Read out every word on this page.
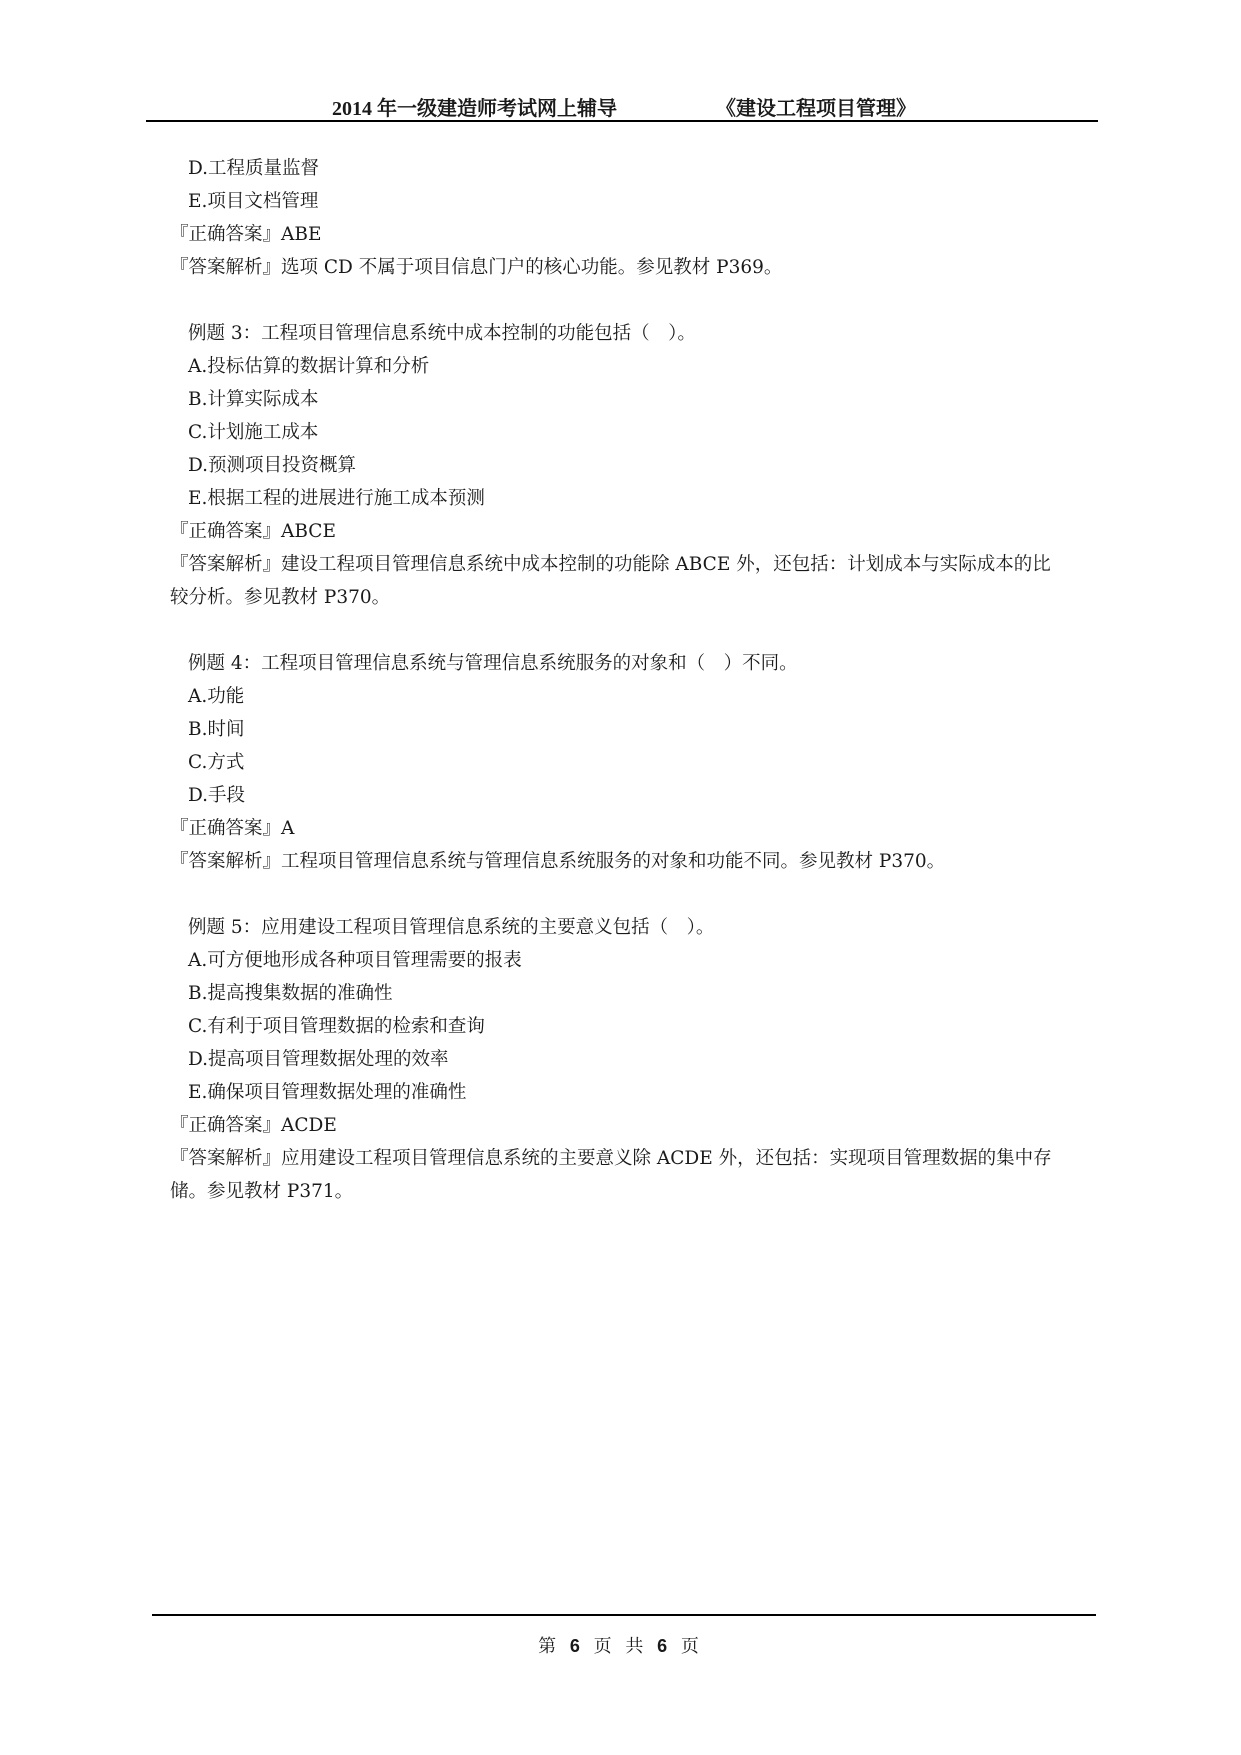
2014 年一级建造师考试网上辅导	《建设工程项目管理》
D.工程质量监督
E.项目文档管理
『正确答案』ABE
『答案解析』选项 CD 不属于项目信息门户的核心功能。参见教材 P369。
例题 3：工程项目管理信息系统中成本控制的功能包括（　）。
A.投标估算的数据计算和分析
B.计算实际成本
C.计划施工成本
D.预测项目投资概算
E.根据工程的进展进行施工成本预测
『正确答案』ABCE
『答案解析』建设工程项目管理信息系统中成本控制的功能除 ABCE 外，还包括：计划成本与实际成本的比
较分析。参见教材 P370。
例题 4：工程项目管理信息系统与管理信息系统服务的对象和（　）不同。
A.功能
B.时间
C.方式
D.手段
『正确答案』A
『答案解析』工程项目管理信息系统与管理信息系统服务的对象和功能不同。参见教材 P370。
例题 5：应用建设工程项目管理信息系统的主要意义包括（　）。
A.可方便地形成各种项目管理需要的报表
B.提高搜集数据的准确性
C.有利于项目管理数据的检索和查询
D.提高项目管理数据处理的效率
E.确保项目管理数据处理的准确性
『正确答案』ACDE
『答案解析』应用建设工程项目管理信息系统的主要意义除 ACDE 外，还包括：实现项目管理数据的集中存
储。参见教材 P371。
第 6 页 共 6 页
